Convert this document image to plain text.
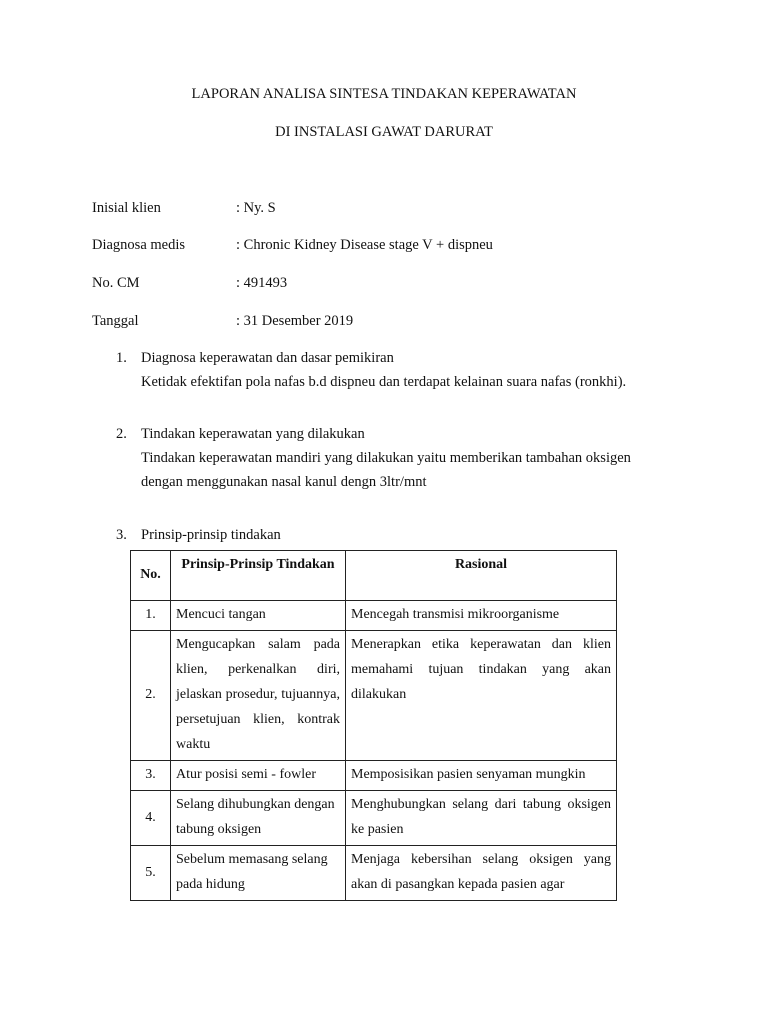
LAPORAN ANALISA SINTESA TINDAKAN KEPERAWATAN
DI INSTALASI GAWAT DARURAT
Inisial klien	: Ny. S
Diagnosa medis	: Chronic Kidney Disease stage V + dispneu
No. CM	: 491493
Tanggal	: 31 Desember 2019
1. Diagnosa keperawatan dan dasar pemikiran
Ketidak efektifan pola nafas b.d dispneu dan terdapat kelainan suara nafas (ronkhi).
2. Tindakan keperawatan yang dilakukan
Tindakan keperawatan mandiri yang dilakukan yaitu memberikan tambahan oksigen dengan menggunakan nasal kanul dengn 3ltr/mnt
3. Prinsip-prinsip tindakan
No.	Prinsip-Prinsip Tindakan	Rasional
1.	Mencuci tangan	Mencegah transmisi mikroorganisme
2.	Mengucapkan salam pada klien, perkenalkan diri, jelaskan prosedur, tujuannya, persetujuan klien, kontrak waktu	Menerapkan etika keperawatan dan klien memahami tujuan tindakan yang akan dilakukan
3.	Atur posisi semi - fowler	Memposisikan pasien senyaman mungkin
4.	Selang dihubungkan dengan tabung oksigen	Menghubungkan selang dari tabung oksigen ke pasien
5.	Sebelum memasang selang pada hidung	Menjaga kebersihan selang oksigen yang akan di pasangkan kepada pasien agar
